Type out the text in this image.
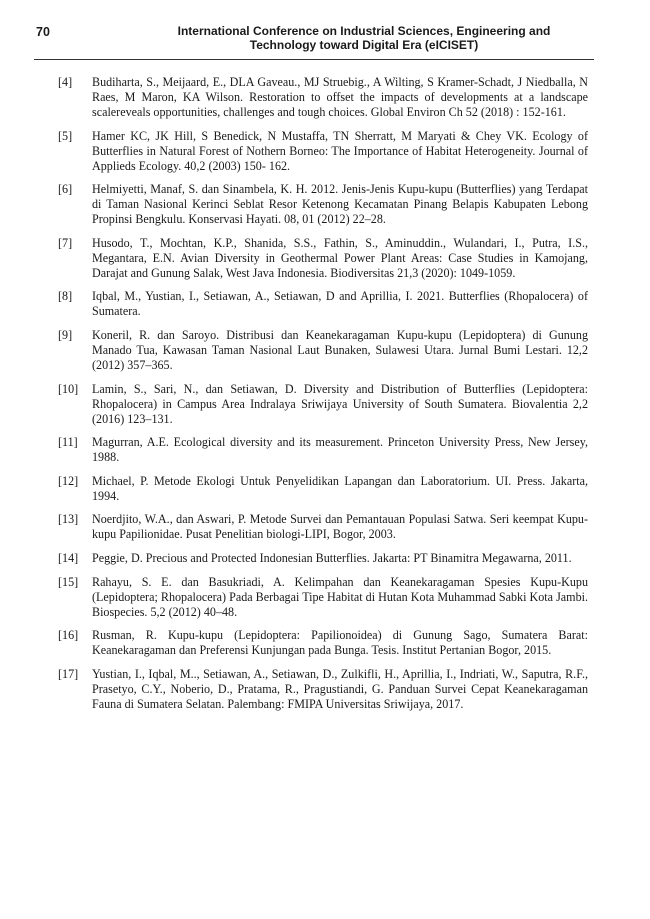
70	International Conference on Industrial Sciences, Engineering and
Technology toward Digital Era (eICISET)
[4] Budiharta, S., Meijaard, E., DLA Gaveau., MJ Struebig., A Wilting, S Kramer-Schadt, J Niedballa, N Raes, M Maron, KA Wilson. Restoration to offset the impacts of developments at a landscape scalereveals opportunities, challenges and tough choices. Global Environ Ch 52 (2018) : 152-161.
[5] Hamer KC, JK Hill, S Benedick, N Mustaffa, TN Sherratt, M Maryati & Chey VK. Ecology of Butterflies in Natural Forest of Nothern Borneo: The Importance of Habitat Heterogeneity. Journal of Applieds Ecology. 40,2 (2003) 150- 162.
[6] Helmiyetti, Manaf, S. dan Sinambela, K. H. 2012. Jenis-Jenis Kupu-kupu (Butterflies) yang Terdapat di Taman Nasional Kerinci Seblat Resor Ketenong Kecamatan Pinang Belapis Kabupaten Lebong Propinsi Bengkulu. Konservasi Hayati. 08, 01 (2012) 22–28.
[7] Husodo, T., Mochtan, K.P., Shanida, S.S., Fathin, S., Aminuddin., Wulandari, I., Putra, I.S., Megantara, E.N. Avian Diversity in Geothermal Power Plant Areas: Case Studies in Kamojang, Darajat and Gunung Salak, West Java Indonesia. Biodiversitas 21,3 (2020): 1049-1059.
[8] Iqbal, M., Yustian, I., Setiawan, A., Setiawan, D and Aprillia, I. 2021. Butterflies (Rhopalocera) of Sumatera.
[9] Koneril, R. dan Saroyo. Distribusi dan Keanekaragaman Kupu-kupu (Lepidoptera) di Gunung Manado Tua, Kawasan Taman Nasional Laut Bunaken, Sulawesi Utara. Jurnal Bumi Lestari. 12,2 (2012) 357–365.
[10] Lamin, S., Sari, N., dan Setiawan, D. Diversity and Distribution of Butterflies (Lepidoptera: Rhopalocera) in Campus Area Indralaya Sriwijaya University of South Sumatera. Biovalentia 2,2 (2016) 123–131.
[11] Magurran, A.E. Ecological diversity and its measurement. Princeton University Press, New Jersey, 1988.
[12] Michael, P. Metode Ekologi Untuk Penyelidikan Lapangan dan Laboratorium. UI. Press. Jakarta, 1994.
[13] Noerdjito, W.A., dan Aswari, P. Metode Survei dan Pemantauan Populasi Satwa. Seri keempat Kupu-kupu Papilionidae. Pusat Penelitian biologi-LIPI, Bogor, 2003.
[14] Peggie, D. Precious and Protected Indonesian Butterflies. Jakarta: PT Binamitra Megawarna, 2011.
[15] Rahayu, S. E. dan Basukriadi, A. Kelimpahan dan Keanekaragaman Spesies Kupu-Kupu (Lepidoptera; Rhopalocera) Pada Berbagai Tipe Habitat di Hutan Kota Muhammad Sabki Kota Jambi. Biospecies. 5,2 (2012) 40–48.
[16] Rusman, R. Kupu-kupu (Lepidoptera: Papilionoidea) di Gunung Sago, Sumatera Barat: Keanekaragaman dan Preferensi Kunjungan pada Bunga. Tesis. Institut Pertanian Bogor, 2015.
[17] Yustian, I., Iqbal, M.., Setiawan, A., Setiawan, D., Zulkifli, H., Aprillia, I., Indriati, W., Saputra, R.F., Prasetyo, C.Y., Noberio, D., Pratama, R., Pragustiandi, G. Panduan Survei Cepat Keanekaragaman Fauna di Sumatera Selatan. Palembang: FMIPA Universitas Sriwijaya, 2017.
